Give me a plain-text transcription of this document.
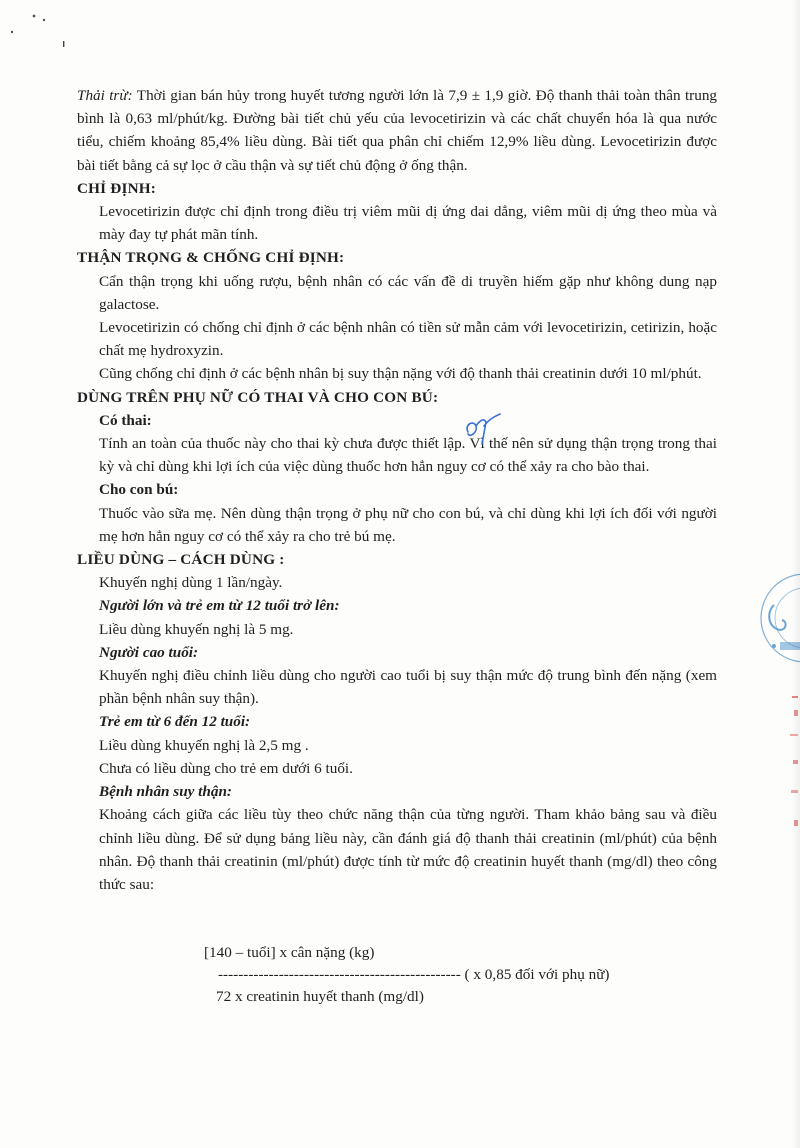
Thải trừ: Thời gian bán hủy trong huyết tương người lớn là 7,9 ± 1,9 giờ. Độ thanh thải toàn thân trung bình là 0,63 ml/phút/kg. Đường bài tiết chủ yếu của levocetirizin và các chất chuyển hóa là qua nước tiểu, chiếm khoảng 85,4% liều dùng. Bài tiết qua phân chỉ chiếm 12,9% liều dùng. Levocetirizin được bài tiết bằng cả sự lọc ở cầu thận và sự tiết chủ động ở ống thận.

CHỈ ĐỊNH:

Levocetirizin được chỉ định trong điều trị viêm mũi dị ứng dai dẳng, viêm mũi dị ứng theo mùa và mày đay tự phát mãn tính.

THẬN TRỌNG & CHỐNG CHỈ ĐỊNH:

Cẩn thận trọng khi uống rượu, bệnh nhân có các vấn đề di truyền hiếm gặp như không dung nạp galactose.

Levocetirizin có chống chỉ định ở các bệnh nhân có tiền sử mẫn cảm với levocetirizin, cetirizin, hoặc chất mẹ hydroxyzin.

Cũng chống chỉ định ở các bệnh nhân bị suy thận nặng với độ thanh thải creatinin dưới 10 ml/phút.

DÙNG TRÊN PHỤ NỮ CÓ THAI VÀ CHO CON BÚ:
Có thai:

Tính an toàn của thuốc này cho thai kỳ chưa được thiết lập. Vì thế nên sử dụng thận trọng trong thai kỳ và chỉ dùng khi lợi ích của việc dùng thuốc hơn hẳn nguy cơ có thể xảy ra cho bào thai.

Cho con bú:

Thuốc vào sữa mẹ. Nên dùng thận trọng ở phụ nữ cho con bú, và chỉ dùng khi lợi ích đối với người mẹ hơn hẳn nguy cơ có thể xảy ra cho trẻ bú mẹ.

LIỀU DÙNG – CÁCH DÙNG :

Khuyến nghị dùng 1 lần/ngày.

Người lớn và trẻ em từ 12 tuổi trở lên:

Liều dùng khuyến nghị là 5 mg.

Người cao tuổi:

Khuyến nghị điều chỉnh liều dùng cho người cao tuổi bị suy thận mức độ trung bình đến nặng (xem phần bệnh nhân suy thận).

Trẻ em từ 6 đến 12 tuổi:

Liều dùng khuyến nghị là 2,5 mg .

Chưa có liều dùng cho trẻ em dưới 6 tuổi.

Bệnh nhân suy thận:

Khoảng cách giữa các liều tùy theo chức năng thận của từng người. Tham khảo bảng sau và điều chỉnh liều dùng. Để sử dụng bảng liều này, cần đánh giá độ thanh thải creatinin (ml/phút) của bệnh nhân. Độ thanh thải creatinin (ml/phút) được tính từ mức độ creatinin huyết thanh (mg/dl) theo công thức sau:

[140 – tuổi] x cân nặng (kg)
------------------------------------------------ ( x 0,85 đối với phụ nữ)
72 x creatinin huyết thanh (mg/dl)
